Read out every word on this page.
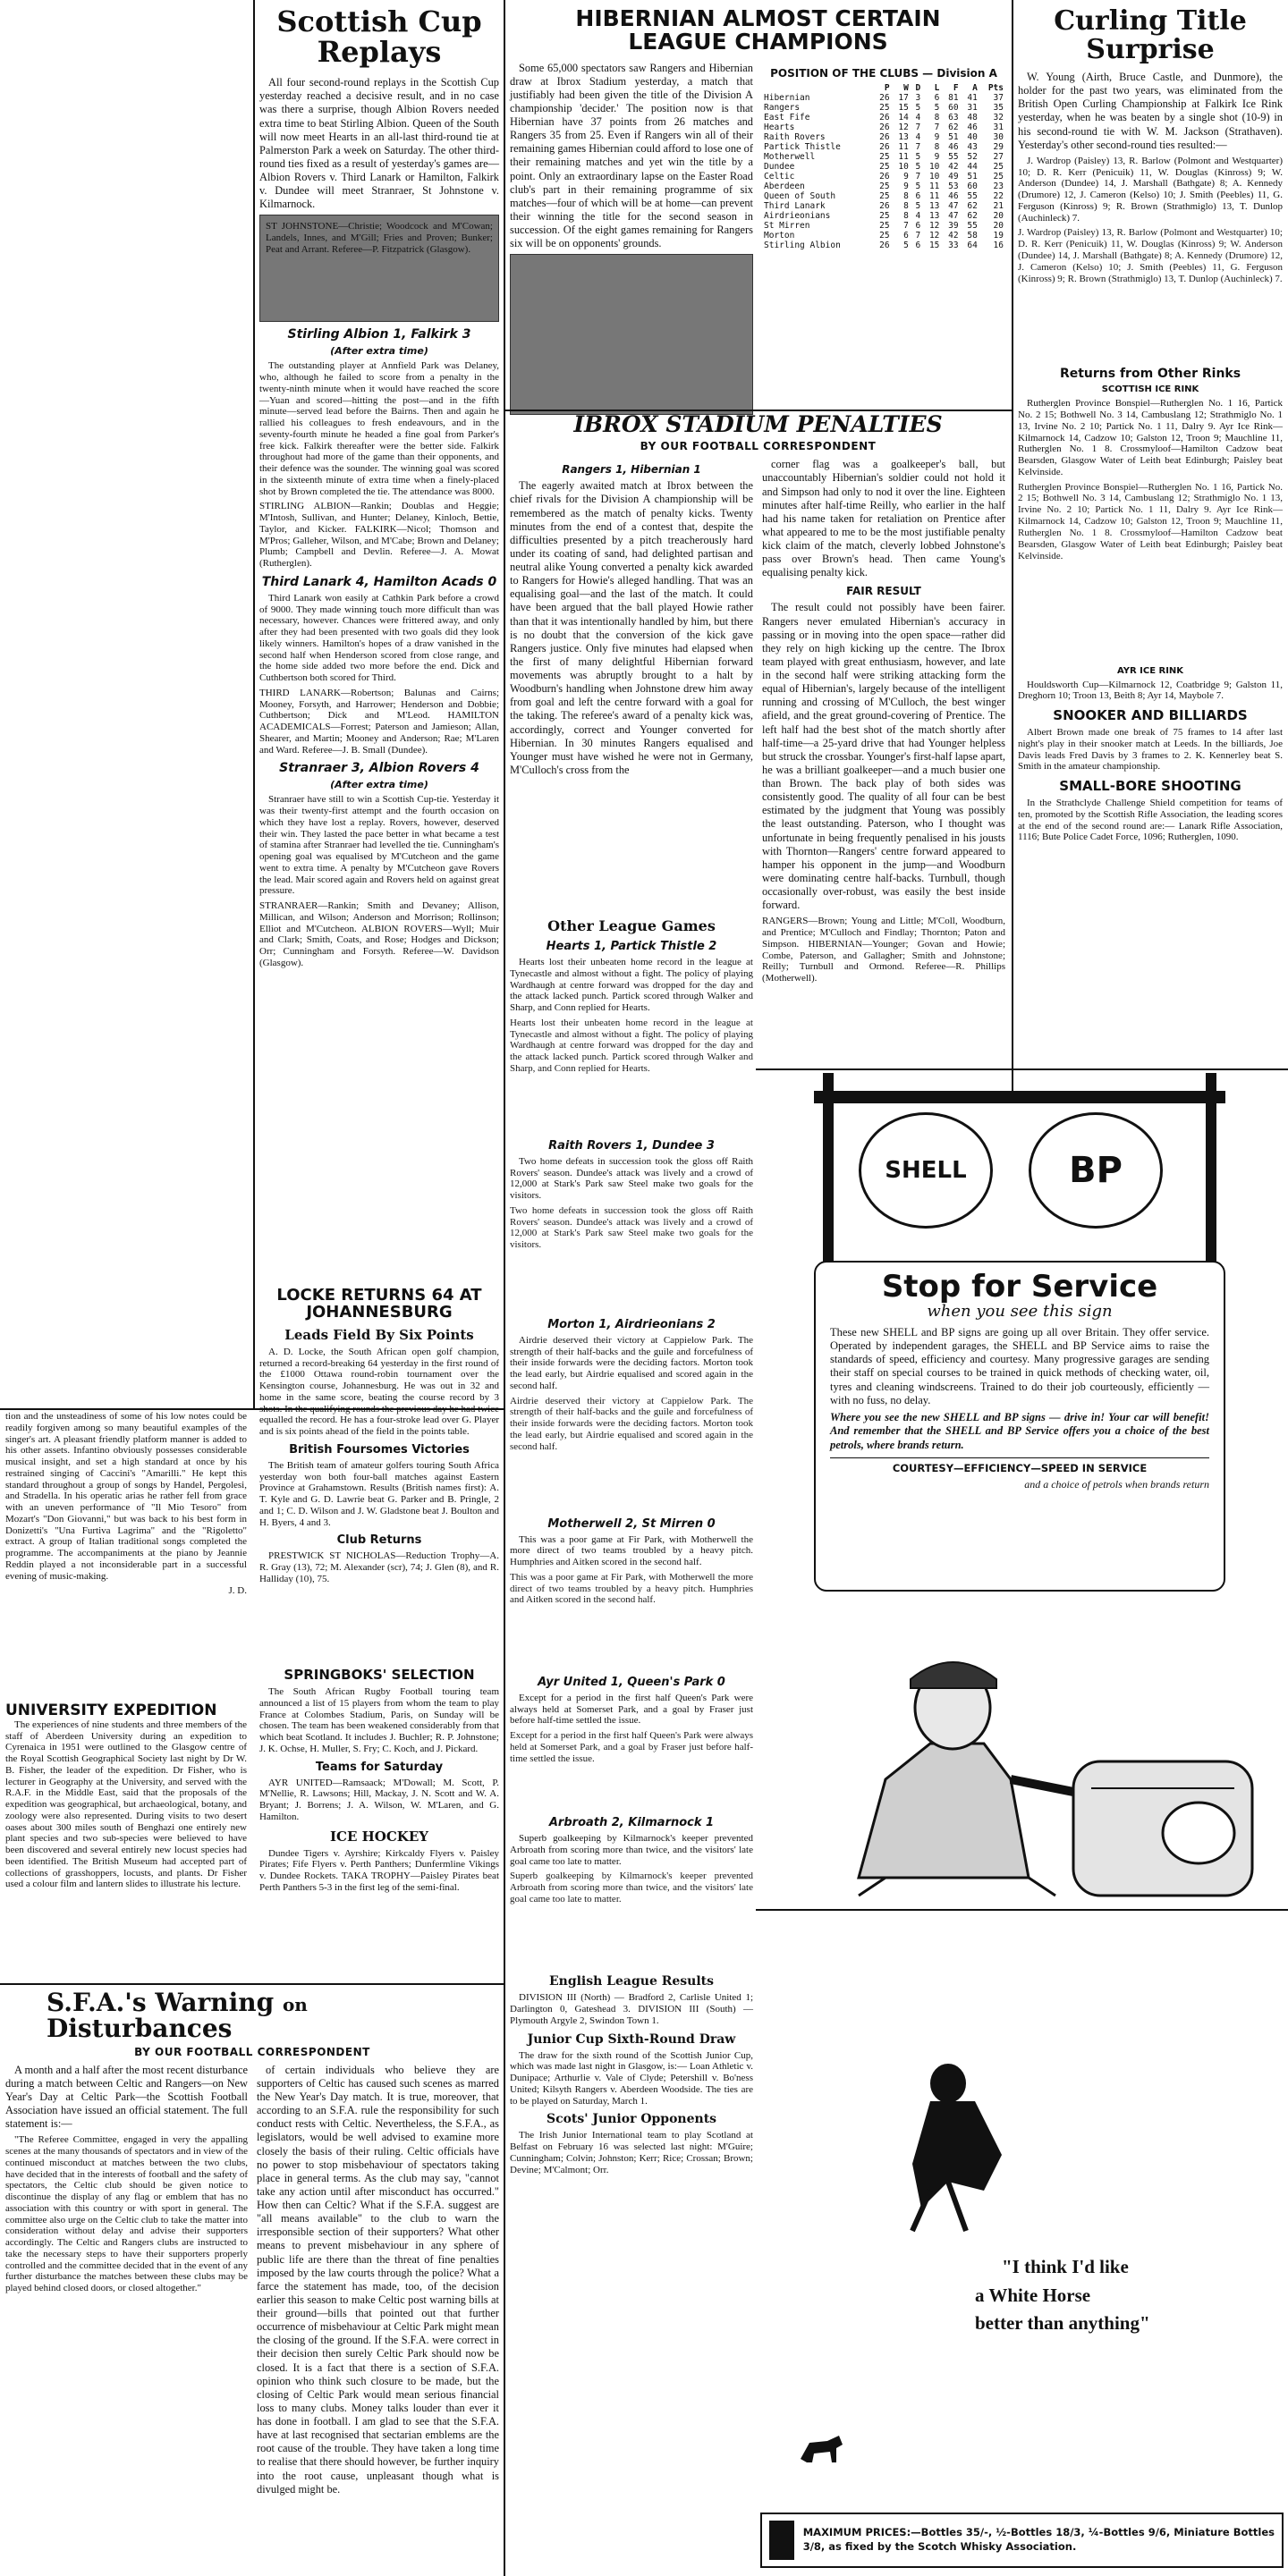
tion and the unsteadiness of some of his low notes could be readily forgiven among so many beautiful examples of the singer's art. A pleasant friendly platform manner is added to his other assets. Infantino obviously possesses considerable musical insight, and set a high standard at once by his restrained singing of Caccini's "Amarilli." He kept this standard throughout a group of songs by Handel, Pergolesi, and Stradella. In his operatic arias he rather fell from grace with an uneven performance of "Il Mio Tesoro" from Mozart's "Don Giovanni," but was back to his best form in Donizetti's "Una Furtiva Lagrima" and the "Rigoletto" extract. A group of Italian traditional songs completed the programme. The accompaniments at the piano by Jeannie Reddin played a not inconsiderable part in a successful evening of music-making.
J. D.
UNIVERSITY EXPEDITION
The experiences of nine students and three members of the staff of Aberdeen University during an expedition to Cyrenaica in 1951 were outlined to the Glasgow centre of the Royal Scottish Geographical Society last night by Dr W. B. Fisher, the leader of the expedition. Dr Fisher, who is lecturer in Geography at the University, and served with the R.A.F. in the Middle East, said that the proposals of the expedition was geographical, but archaeological, botany, and zoology were also represented. During visits to two desert oases about 300 miles south of Benghazi one entirely new plant species and two sub-species were believed to have been discovered and several entirely new locust species had been identified. The British Museum had accepted part of collections of grasshoppers, locusts, and plants. Dr Fisher used a colour film and lantern slides to illustrate his lecture.
Scottish Cup
Replays
All four second-round replays in the Scottish Cup yesterday reached a decisive result, and in no case was there a surprise, though Albion Rovers needed extra time to beat Stirling Albion. Queen of the South will now meet Hearts in an all-last third-round tie at Palmerston Park a week on Saturday. The other third-round ties fixed as a result of yesterday's games are—Albion Rovers v. Third Lanark or Hamilton, Falkirk v. Dundee will meet Stranraer, St Johnstone v. Kilmarnock.
ST JOHNSTONE—Christie; Woodcock and M'Cowan; Landels, Innes, and M'Gill; Fries and Proven; Bunker; Peat and Arrant. Referee—P. Fitzpatrick (Glasgow).
Stirling Albion 1, Falkirk 3
(After extra time)
The outstanding player at Annfield Park was Delaney, who, although he failed to score from a penalty in the twenty-ninth minute when it would have reached the score—Yuan and scored—hitting the post—and in the fifth minute—served lead before the Bairns. Then and again he rallied his colleagues to fresh endeavours, and in the seventy-fourth minute he headed a fine goal from Parker's free kick. Falkirk thereafter were the better side. Falkirk throughout had more of the game than their opponents, and their defence was the sounder. The winning goal was scored in the sixteenth minute of extra time when a finely-placed shot by Brown completed the tie. The attendance was 8000.
STIRLING ALBION—Rankin; Doublas and Heggie; M'Intosh, Sullivan, and Hunter; Delaney, Kinloch, Bettie, Taylor, and Kicker. FALKIRK—Nicol; Thomson and M'Pros; Galleher, Wilson, and M'Cabe; Brown and Delaney; Plumb; Campbell and Devlin. Referee—J. A. Mowat (Rutherglen).
Third Lanark 4, Hamilton Acads 0
Third Lanark won easily at Cathkin Park before a crowd of 9000. They made winning touch more difficult than was necessary, however. Chances were frittered away, and only after they had been presented with two goals did they look likely winners. Hamilton's hopes of a draw vanished in the second half when Henderson scored from close range, and the home side added two more before the end. Dick and Cuthbertson both scored for Third.
THIRD LANARK—Robertson; Balunas and Cairns; Mooney, Forsyth, and Harrower; Henderson and Dobbie; Cuthbertson; Dick and M'Leod. HAMILTON ACADEMICALS—Forrest; Paterson and Jamieson; Allan, Shearer, and Martin; Mooney and Anderson; Rae; M'Laren and Ward. Referee—J. B. Small (Dundee).
Stranraer 3, Albion Rovers 4
(After extra time)
Stranraer have still to win a Scottish Cup-tie. Yesterday it was their twenty-first attempt and the fourth occasion on which they have lost a replay. Rovers, however, deserved their win. They lasted the pace better in what became a test of stamina after Stranraer had levelled the tie. Cunningham's opening goal was equalised by M'Cutcheon and the game went to extra time. A penalty by M'Cutcheon gave Rovers the lead. Mair scored again and Rovers held on against great pressure.
STRANRAER—Rankin; Smith and Devaney; Allison, Millican, and Wilson; Anderson and Morrison; Rollinson; Elliot and M'Cutcheon. ALBION ROVERS—Wyll; Muir and Clark; Smith, Coats, and Rose; Hodges and Dickson; Orr; Cunningham and Forsyth. Referee—W. Davidson (Glasgow).
LOCKE RETURNS 64 AT
JOHANNESBURG
Leads Field By Six Points
A. D. Locke, the South African open golf champion, returned a record-breaking 64 yesterday in the first round of the £1000 Ottawa round-robin tournament over the Kensington course, Johannesburg. He was out in 32 and home in the same score, beating the course record by 3 shots. In the qualifying rounds the previous day he had twice equalled the record. He has a four-stroke lead over G. Player and is six points ahead of the field in the points table.
British Foursomes Victories
The British team of amateur golfers touring South Africa yesterday won both four-ball matches against Eastern Province at Grahamstown. Results (British names first): A. T. Kyle and G. D. Lawrie beat G. Parker and B. Pringle, 2 and 1; C. D. Wilson and J. W. Gladstone beat J. Boulton and H. Byers, 4 and 3.
Club Returns
PRESTWICK ST NICHOLAS—Reduction Trophy—A. R. Gray (13), 72; M. Alexander (scr), 74; J. Glen (8), and R. Halliday (10), 75.
SPRINGBOKS' SELECTION
The South African Rugby Football touring team announced a list of 15 players from whom the team to play France at Colombes Stadium, Paris, on Sunday will be chosen. The team has been weakened considerably from that which beat Scotland. It includes J. Buchler; R. P. Johnstone; J. K. Ochse, H. Muller, S. Fry; C. Koch, and J. Pickard.
Teams for Saturday
AYR UNITED—Ramsaack; M'Dowall; M. Scott, P. M'Nellie, R. Lawsons; Hill, Mackay, J. N. Scott and W. A. Bryant; J. Borrens; J. A. Wilson, W. M'Laren, and G. Hamilton.
ICE HOCKEY
Dundee Tigers v. Ayrshire; Kirkcaldy Flyers v. Paisley Pirates; Fife Flyers v. Perth Panthers; Dunfermline Vikings v. Dundee Rockets. TAKA TROPHY—Paisley Pirates beat Perth Panthers 5-3 in the first leg of the semi-final.
S.F.A.'s Warning on Disturbances
BY OUR FOOTBALL CORRESPONDENT
A month and a half after the most recent disturbance during a match between Celtic and Rangers—on New Year's Day at Celtic Park—the Scottish Football Association have issued an official statement. The full statement is:—
"The Referee Committee, engaged in very the appalling scenes at the many thousands of spectators and in view of the continued misconduct at matches between the two clubs, have decided that in the interests of football and the safety of spectators, the Celtic club should be given notice to discontinue the display of any flag or emblem that has no association with this country or with sport in general. The committee also urge on the Celtic club to take the matter into consideration without delay and advise their supporters accordingly. The Celtic and Rangers clubs are instructed to take the necessary steps to have their supporters properly controlled and the committee decided that in the event of any further disturbance the matches between these clubs may be played behind closed doors, or closed altogether."
of certain individuals who believe they are supporters of Celtic has caused such scenes as marred the New Year's Day match. It is true, moreover, that according to an S.F.A. rule the responsibility for such conduct rests with Celtic. Nevertheless, the S.F.A., as legislators, would be well advised to examine more closely the basis of their ruling. Celtic officials have no power to stop misbehaviour of spectators taking place in general terms. As the club may say, "cannot take any action until after misconduct has occurred." How then can Celtic? What if the S.F.A. suggest are "all means available" to the club to warn the irresponsible section of their supporters? What other means to prevent misbehaviour in any sphere of public life are there than the threat of fine penalties imposed by the law courts through the police? What a farce the statement has made, too, of the decision earlier this season to make Celtic post warning bills at their ground—bills that pointed out that further occurrence of misbehaviour at Celtic Park might mean the closing of the ground. If the S.F.A. were correct in their decision then surely Celtic Park should now be closed. It is a fact that there is a section of S.F.A. opinion who think such closure to be made, but the closing of Celtic Park would mean serious financial loss to many clubs. Money talks louder than ever it has done in football. I am glad to see that the S.F.A. have at last recognised that sectarian emblems are the root cause of the trouble. They have taken a long time to realise that there should however, be further inquiry into the root cause, unpleasant though what is divulged might be.
HIBERNIAN ALMOST CERTAIN
LEAGUE CHAMPIONS
Some 65,000 spectators saw Rangers and Hibernian draw at Ibrox Stadium yesterday, a match that justifiably had been given the title of the Division A championship 'decider.' The position now is that Hibernian have 37 points from 26 matches and Rangers 35 from 25. Even if Rangers win all of their remaining games Hibernian could afford to lose one of their remaining matches and yet win the title by a point. Only an extraordinary lapse on the Easter Road club's part in their remaining programme of six matches—four of which will be at home—can prevent their winning the title for the second season in succession. Of the eight games remaining for Rangers six will be on opponents' grounds.
POSITION OF THE CLUBS — Division A
	P	W	D	L	F	A	Pts
Hibernian	26	17	3	6	81	41	37
Rangers	25	15	5	5	60	31	35
East Fife	26	14	4	8	63	48	32
Hearts	26	12	7	7	62	46	31
Raith Rovers	26	13	4	9	51	40	30
Partick Thistle	26	11	7	8	46	43	29
Motherwell	25	11	5	9	55	52	27
Dundee	25	10	5	10	42	44	25
Celtic	26	9	7	10	49	51	25
Aberdeen	25	9	5	11	53	60	23
Queen of South	25	8	6	11	46	55	22
Third Lanark	26	8	5	13	47	62	21
Airdrieonians	25	8	4	13	47	62	20
St Mirren	25	7	6	12	39	55	20
Morton	25	6	7	12	42	58	19
Stirling Albion	26	5	6	15	33	64	16
IBROX STADIUM PENALTIES
BY OUR FOOTBALL CORRESPONDENT
Rangers 1, Hibernian 1
The eagerly awaited match at Ibrox between the chief rivals for the Division A championship will be remembered as the match of penalty kicks. Twenty minutes from the end of a contest that, despite the difficulties presented by a pitch treacherously hard under its coating of sand, had delighted partisan and neutral alike Young converted a penalty kick awarded to Rangers for Howie's alleged handling. That was an equalising goal—and the last of the match. It could have been argued that the ball played Howie rather than that it was intentionally handled by him, but there is no doubt that the conversion of the kick gave Rangers justice. Only five minutes had elapsed when the first of many delightful Hibernian forward movements was abruptly brought to a halt by Woodburn's handling when Johnstone drew him away from goal and left the centre forward with a goal for the taking. The referee's award of a penalty kick was, accordingly, correct and Younger converted for Hibernian. In 30 minutes Rangers equalised and Younger must have wished he were not in Germany, M'Culloch's cross from the
corner flag was a goalkeeper's ball, but unaccountably Hibernian's soldier could not hold it and Simpson had only to nod it over the line. Eighteen minutes after half-time Reilly, who earlier in the half had his name taken for retaliation on Prentice after what appeared to me to be the most justifiable penalty kick claim of the match, cleverly lobbed Johnstone's pass over Brown's head. Then came Young's equalising penalty kick.
FAIR RESULT
The result could not possibly have been fairer. Rangers never emulated Hibernian's accuracy in passing or in moving into the open space—rather did they rely on high kicking up the centre. The Ibrox team played with great enthusiasm, however, and late in the second half were striking attacking form the equal of Hibernian's, largely because of the intelligent running and crossing of M'Culloch, the best winger afield, and the great ground-covering of Prentice. The left half had the best shot of the match shortly after half-time—a 25-yard drive that had Younger helpless but struck the crossbar. Younger's first-half lapse apart, he was a brilliant goalkeeper—and a much busier one than Brown. The back play of both sides was consistently good. The quality of all four can be best estimated by the judgment that Young was possibly the least outstanding. Paterson, who I thought was unfortunate in being frequently penalised in his jousts with Thornton—Rangers' centre forward appeared to hamper his opponent in the jump—and Woodburn were dominating centre half-backs. Turnbull, though occasionally over-robust, was easily the best inside forward.
RANGERS—Brown; Young and Little; M'Coll, Woodburn, and Prentice; M'Culloch and Findlay; Thornton; Paton and Simpson. HIBERNIAN—Younger; Govan and Howie; Combe, Paterson, and Gallagher; Smith and Johnstone; Reilly; Turnbull and Ormond. Referee—R. Phillips (Motherwell).
Other League Games
Hearts 1, Partick Thistle 2
Hearts lost their unbeaten home record in the league at Tynecastle and almost without a fight. The policy of playing Wardhaugh at centre forward was dropped for the day and the attack lacked punch. Partick scored through Walker and Sharp, and Conn replied for Hearts.
Hearts lost their unbeaten home record in the league at Tynecastle and almost without a fight. The policy of playing Wardhaugh at centre forward was dropped for the day and the attack lacked punch. Partick scored through Walker and Sharp, and Conn replied for Hearts.
Raith Rovers 1, Dundee 3
Two home defeats in succession took the gloss off Raith Rovers' season. Dundee's attack was lively and a crowd of 12,000 at Stark's Park saw Steel make two goals for the visitors.
Two home defeats in succession took the gloss off Raith Rovers' season. Dundee's attack was lively and a crowd of 12,000 at Stark's Park saw Steel make two goals for the visitors.
Morton 1, Airdrieonians 2
Airdrie deserved their victory at Cappielow Park. The strength of their half-backs and the guile and forcefulness of their inside forwards were the deciding factors. Morton took the lead early, but Airdrie equalised and scored again in the second half.
Airdrie deserved their victory at Cappielow Park. The strength of their half-backs and the guile and forcefulness of their inside forwards were the deciding factors. Morton took the lead early, but Airdrie equalised and scored again in the second half.
Motherwell 2, St Mirren 0
This was a poor game at Fir Park, with Motherwell the more direct of two teams troubled by a heavy pitch. Humphries and Aitken scored in the second half.
This was a poor game at Fir Park, with Motherwell the more direct of two teams troubled by a heavy pitch. Humphries and Aitken scored in the second half.
Ayr United 1, Queen's Park 0
Except for a period in the first half Queen's Park were always held at Somerset Park, and a goal by Fraser just before half-time settled the issue.
Except for a period in the first half Queen's Park were always held at Somerset Park, and a goal by Fraser just before half-time settled the issue.
Arbroath 2, Kilmarnock 1
Superb goalkeeping by Kilmarnock's keeper prevented Arbroath from scoring more than twice, and the visitors' late goal came too late to matter.
Superb goalkeeping by Kilmarnock's keeper prevented Arbroath from scoring more than twice, and the visitors' late goal came too late to matter.
English League Results
DIVISION III (North) — Bradford 2, Carlisle United 1; Darlington 0, Gateshead 3. DIVISION III (South) — Plymouth Argyle 2, Swindon Town 1.
Junior Cup Sixth-Round Draw
The draw for the sixth round of the Scottish Junior Cup, which was made last night in Glasgow, is:— Loan Athletic v. Dunipace; Arthurlie v. Vale of Clyde; Petershill v. Bo'ness United; Kilsyth Rangers v. Aberdeen Woodside. The ties are to be played on Saturday, March 1.
Scots' Junior Opponents
The Irish Junior International team to play Scotland at Belfast on February 16 was selected last night: M'Guire; Cunningham; Colvin; Johnston; Kerr; Rice; Crossan; Brown; Devine; M'Calmont; Orr.
Curling Title
Surprise
W. Young (Airth, Bruce Castle, and Dunmore), the holder for the past two years, was eliminated from the British Open Curling Championship at Falkirk Ice Rink yesterday, when he was beaten by a single shot (10-9) in his second-round tie with W. M. Jackson (Strathaven). Yesterday's other second-round ties resulted:—
J. Wardrop (Paisley) 13, R. Barlow (Polmont and Westquarter) 10; D. R. Kerr (Penicuik) 11, W. Douglas (Kinross) 9; W. Anderson (Dundee) 14, J. Marshall (Bathgate) 8; A. Kennedy (Drumore) 12, J. Cameron (Kelso) 10; J. Smith (Peebles) 11, G. Ferguson (Kinross) 9; R. Brown (Strathmiglo) 13, T. Dunlop (Auchinleck) 7.
J. Wardrop (Paisley) 13, R. Barlow (Polmont and Westquarter) 10; D. R. Kerr (Penicuik) 11, W. Douglas (Kinross) 9; W. Anderson (Dundee) 14, J. Marshall (Bathgate) 8; A. Kennedy (Drumore) 12, J. Cameron (Kelso) 10; J. Smith (Peebles) 11, G. Ferguson (Kinross) 9; R. Brown (Strathmiglo) 13, T. Dunlop (Auchinleck) 7.
Returns from Other Rinks
SCOTTISH ICE RINK
Rutherglen Province Bonspiel—Rutherglen No. 1 16, Partick No. 2 15; Bothwell No. 3 14, Cambuslang 12; Strathmiglo No. 1 13, Irvine No. 2 10; Partick No. 1 11, Dalry 9. Ayr Ice Rink—Kilmarnock 14, Cadzow 10; Galston 12, Troon 9; Mauchline 11, Rutherglen No. 1 8. Crossmyloof—Hamilton Cadzow beat Bearsden, Glasgow Water of Leith beat Edinburgh; Paisley beat Kelvinside.
Rutherglen Province Bonspiel—Rutherglen No. 1 16, Partick No. 2 15; Bothwell No. 3 14, Cambuslang 12; Strathmiglo No. 1 13, Irvine No. 2 10; Partick No. 1 11, Dalry 9. Ayr Ice Rink—Kilmarnock 14, Cadzow 10; Galston 12, Troon 9; Mauchline 11, Rutherglen No. 1 8. Crossmyloof—Hamilton Cadzow beat Bearsden, Glasgow Water of Leith beat Edinburgh; Paisley beat Kelvinside.
AYR ICE RINK
Houldsworth Cup—Kilmarnock 12, Coatbridge 9; Galston 11, Dreghorn 10; Troon 13, Beith 8; Ayr 14, Maybole 7.
SNOOKER AND BILLIARDS
Albert Brown made one break of 75 frames to 14 after last night's play in their snooker match at Leeds. In the billiards, Joe Davis leads Fred Davis by 3 frames to 2. K. Kennerley beat S. Smith in the amateur championship.
SMALL-BORE SHOOTING
In the Strathclyde Challenge Shield competition for teams of ten, promoted by the Scottish Rifle Association, the leading scores at the end of the second round are:— Lanark Rifle Association, 1116; Bute Police Cadet Force, 1096; Rutherglen, 1090.
SHELL	BP
Stop for Service
when you see this sign
These new SHELL and BP signs are going up all over Britain. They offer service. Operated by independent garages, the SHELL and BP Service aims to raise the standards of speed, efficiency and courtesy. Many progressive garages are sending their staff on special courses to be trained in quick methods of checking water, oil, tyres and cleaning windscreens. Trained to do their job courteously, efficiently — with no fuss, no delay.
Where you see the new SHELL and BP signs — drive in! Your car will benefit! And remember that the SHELL and BP Service offers you a choice of the best petrols, where brands return.
COURTESY—EFFICIENCY—SPEED IN SERVICE
and a choice of petrols when brands return
"I think I'd like
a White Horse
better than anything"
MAXIMUM PRICES:—Bottles 35/-, ½-Bottles 18/3, ¼-Bottles 9/6, Miniature Bottles 3/8, as fixed by the Scotch Whisky Association.
